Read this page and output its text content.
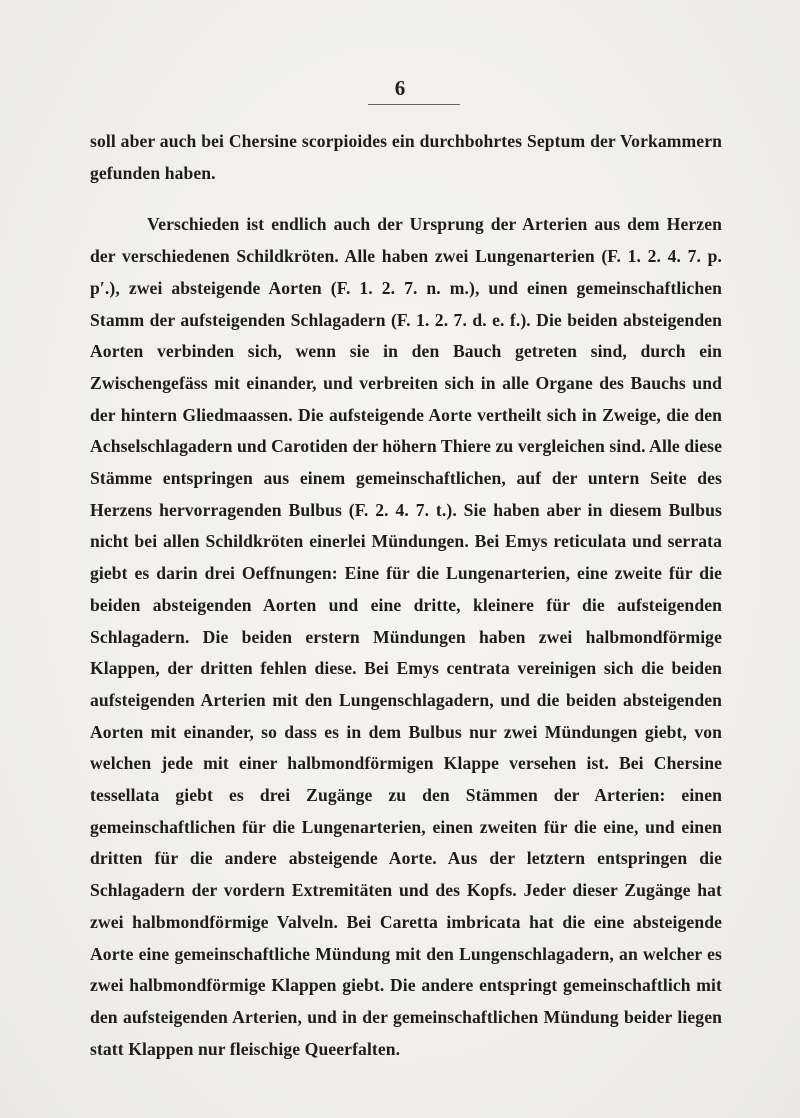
6

soll aber auch bei Chersine scorpioides ein durchbohrtes Septum der Vorkammern gefunden haben.

Verschieden ist endlich auch der Ursprung der Arterien aus dem Herzen der verschiedenen Schildkröten. Alle haben zwei Lungenarterien (F. 1. 2. 4. 7. p. p′.), zwei absteigende Aorten (F. 1. 2. 7. n. m.), und einen gemeinschaftlichen Stamm der aufsteigenden Schlagadern (F. 1. 2. 7. d. e. f.). Die beiden absteigenden Aorten verbinden sich, wenn sie in den Bauch getreten sind, durch ein Zwischengefäss mit einander, und verbreiten sich in alle Organe des Bauchs und der hintern Gliedmaassen. Die aufsteigende Aorte vertheilt sich in Zweige, die den Achselschlagadern und Carotiden der höhern Thiere zu vergleichen sind. Alle diese Stämme entspringen aus einem gemeinschaftlichen, auf der untern Seite des Herzens hervorragenden Bulbus (F. 2. 4. 7. t.). Sie haben aber in diesem Bulbus nicht bei allen Schildkröten einerlei Mündungen. Bei Emys reticulata und serrata giebt es darin drei Oeffnungen: Eine für die Lungenarterien, eine zweite für die beiden absteigenden Aorten und eine dritte, kleinere für die aufsteigenden Schlagadern. Die beiden erstern Mündungen haben zwei halbmondförmige Klappen, der dritten fehlen diese. Bei Emys centrata vereinigen sich die beiden aufsteigenden Arterien mit den Lungenschlagadern, und die beiden absteigenden Aorten mit einander, so dass es in dem Bulbus nur zwei Mündungen giebt, von welchen jede mit einer halbmondförmigen Klappe versehen ist. Bei Chersine tessellata giebt es drei Zugänge zu den Stämmen der Arterien: einen gemeinschaftlichen für die Lungenarterien, einen zweiten für die eine, und einen dritten für die andere absteigende Aorte. Aus der letztern entspringen die Schlagadern der vordern Extremitäten und des Kopfs. Jeder dieser Zugänge hat zwei halbmondförmige Valveln. Bei Caretta imbricata hat die eine absteigende Aorte eine gemeinschaftliche Mündung mit den Lungenschlagadern, an welcher es zwei halbmondförmige Klappen giebt. Die andere entspringt gemeinschaftlich mit den aufsteigenden Arterien, und in der gemeinschaftlichen Mündung beider liegen statt Klappen nur fleischige Queerfalten.
